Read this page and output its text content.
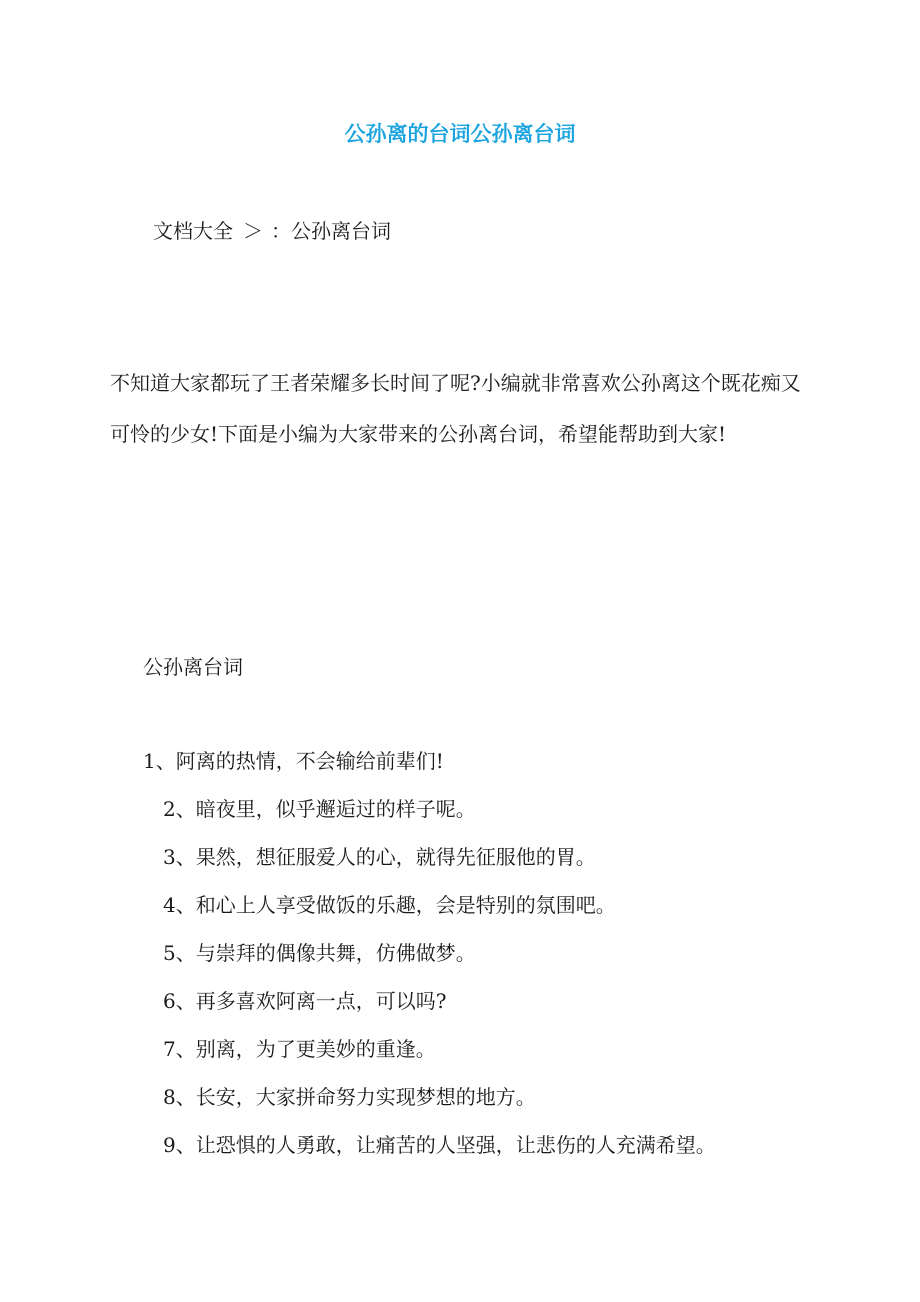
公孙离的台词公孙离台词
文档大全 ＞ ：公孙离台词

不知道大家都玩了王者荣耀多长时间了呢?小编就非常喜欢公孙离这个既花痴又可怜的少女!下面是小编为大家带来的公孙离台词，希望能帮助到大家!

公孙离台词
1、阿离的热情，不会输给前辈们!
2、暗夜里，似乎邂逅过的样子呢。
3、果然，想征服爱人的心，就得先征服他的胃。
4、和心上人享受做饭的乐趣，会是特别的氛围吧。
5、与崇拜的偶像共舞，仿佛做梦。
6、再多喜欢阿离一点，可以吗?
7、别离，为了更美妙的重逢。
8、长安，大家拼命努力实现梦想的地方。
9、让恐惧的人勇敢，让痛苦的人坚强，让悲伤的人充满希望。
